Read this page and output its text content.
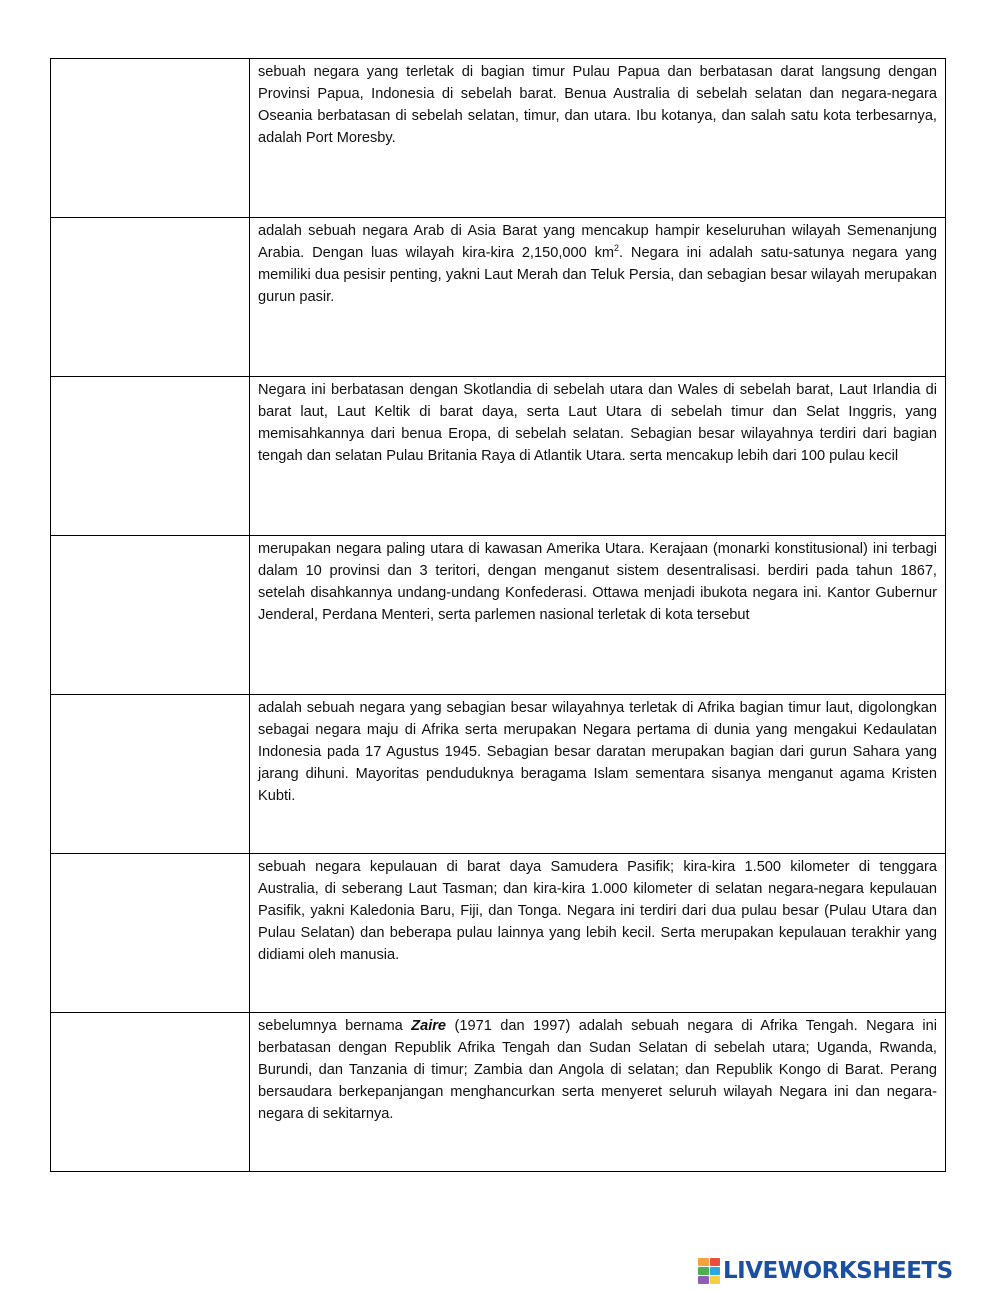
	sebuah negara yang terletak di bagian timur Pulau Papua dan berbatasan darat langsung dengan Provinsi Papua, Indonesia di sebelah barat. Benua Australia di sebelah selatan dan negara-negara Oseania berbatasan di sebelah selatan, timur, dan utara. Ibu kotanya, dan salah satu kota terbesarnya, adalah Port Moresby.

	adalah sebuah negara Arab di Asia Barat yang mencakup hampir keseluruhan wilayah Semenanjung Arabia. Dengan luas wilayah kira-kira 2,150,000 $km^2$. Negara ini adalah satu-satunya negara yang memiliki dua pesisir penting, yakni Laut Merah dan Teluk Persia, dan sebagian besar wilayah merupakan gurun pasir.

	Negara ini berbatasan dengan Skotlandia di sebelah utara dan Wales di sebelah barat, Laut Irlandia di barat laut, Laut Keltik di barat daya, serta Laut Utara di sebelah timur dan Selat Inggris, yang memisahkannya dari benua Eropa, di sebelah selatan. Sebagian besar wilayahnya terdiri dari bagian tengah dan selatan Pulau Britania Raya di Atlantik Utara. serta mencakup lebih dari 100 pulau kecil

	merupakan negara paling utara di kawasan Amerika Utara. Kerajaan (monarki konstitusional) ini terbagi dalam 10 provinsi dan 3 teritori, dengan menganut sistem desentralisasi. berdiri pada tahun 1867, setelah disahkannya undang-undang Konfederasi. Ottawa menjadi ibukota negara ini. Kantor Gubernur Jenderal, Perdana Menteri, serta parlemen nasional terletak di kota tersebut

	adalah sebuah negara yang sebagian besar wilayahnya terletak di Afrika bagian timur laut, digolongkan sebagai negara maju di Afrika serta merupakan Negara pertama di dunia yang mengakui Kedaulatan Indonesia pada 17 Agustus 1945. Sebagian besar daratan merupakan bagian dari gurun Sahara yang jarang dihuni. Mayoritas penduduknya beragama Islam sementara sisanya menganut agama Kristen Kubti.

	sebuah negara kepulauan di barat daya Samudera Pasifik; kira-kira 1.500 kilometer di tenggara Australia, di seberang Laut Tasman; dan kira-kira 1.000 kilometer di selatan negara-negara kepulauan Pasifik, yakni Kaledonia Baru, Fiji, dan Tonga. Negara ini terdiri dari dua pulau besar (Pulau Utara dan Pulau Selatan) dan beberapa pulau lainnya yang lebih kecil. Serta merupakan kepulauan terakhir yang didiami oleh manusia.

	sebelumnya bernama Zaire (1971 dan 1997) adalah sebuah negara di Afrika Tengah. Negara ini berbatasan dengan Republik Afrika Tengah dan Sudan Selatan di sebelah utara; Uganda, Rwanda, Burundi, dan Tanzania di timur; Zambia dan Angola di selatan; dan Republik Kongo di Barat. Perang bersaudara berkepanjangan menghancurkan serta menyeret seluruh wilayah Negara ini dan negara-negara di sekitarnya.

LIVEWORKSHEETS
